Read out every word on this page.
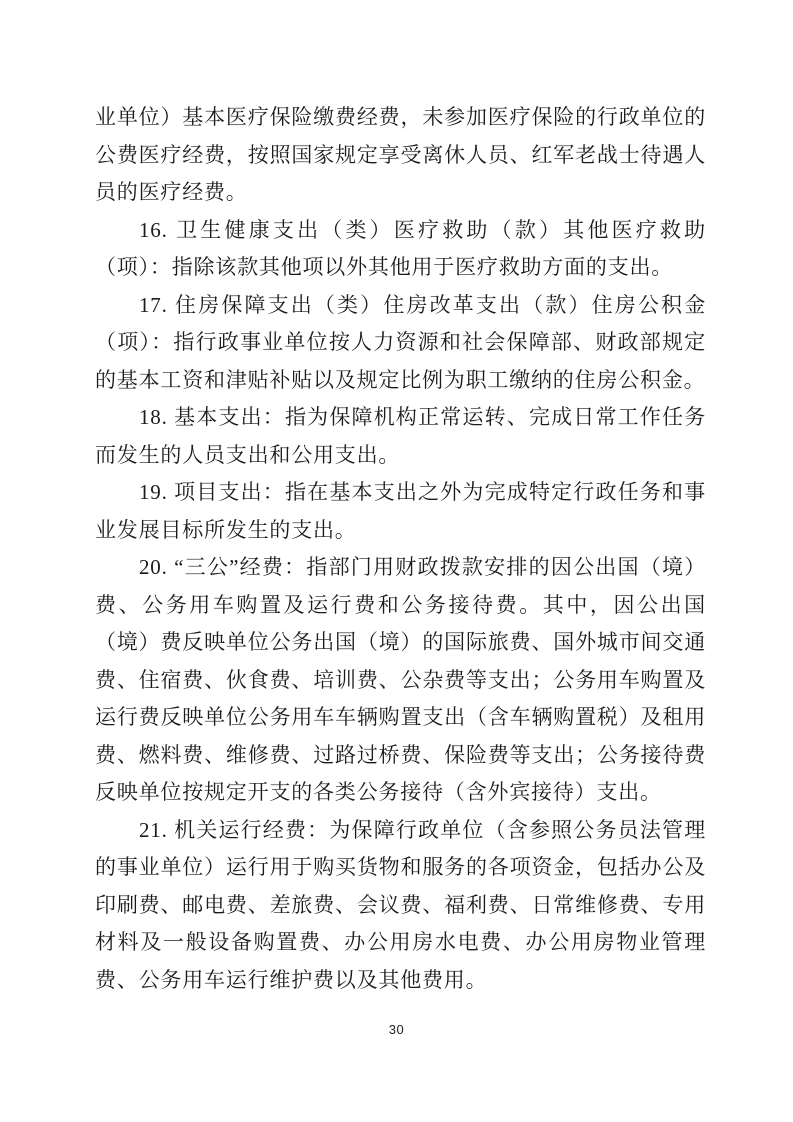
业单位）基本医疗保险缴费经费，未参加医疗保险的行政单位的公费医疗经费，按照国家规定享受离休人员、红军老战士待遇人员的医疗经费。

16. 卫生健康支出（类）医疗救助（款）其他医疗救助（项）：指除该款其他项以外其他用于医疗救助方面的支出。

17. 住房保障支出（类）住房改革支出（款）住房公积金（项）：指行政事业单位按人力资源和社会保障部、财政部规定的基本工资和津贴补贴以及规定比例为职工缴纳的住房公积金。

18. 基本支出：指为保障机构正常运转、完成日常工作任务而发生的人员支出和公用支出。

19. 项目支出：指在基本支出之外为完成特定行政任务和事业发展目标所发生的支出。

20. “三公”经费：指部门用财政拨款安排的因公出国（境）费、公务用车购置及运行费和公务接待费。其中，因公出国（境）费反映单位公务出国（境）的国际旅费、国外城市间交通费、住宿费、伙食费、培训费、公杂费等支出；公务用车购置及运行费反映单位公务用车车辆购置支出（含车辆购置税）及租用费、燃料费、维修费、过路过桥费、保险费等支出；公务接待费反映单位按规定开支的各类公务接待（含外宾接待）支出。

21. 机关运行经费：为保障行政单位（含参照公务员法管理的事业单位）运行用于购买货物和服务的各项资金，包括办公及印刷费、邮电费、差旅费、会议费、福利费、日常维修费、专用材料及一般设备购置费、办公用房水电费、办公用房物业管理费、公务用车运行维护费以及其他费用。

30
